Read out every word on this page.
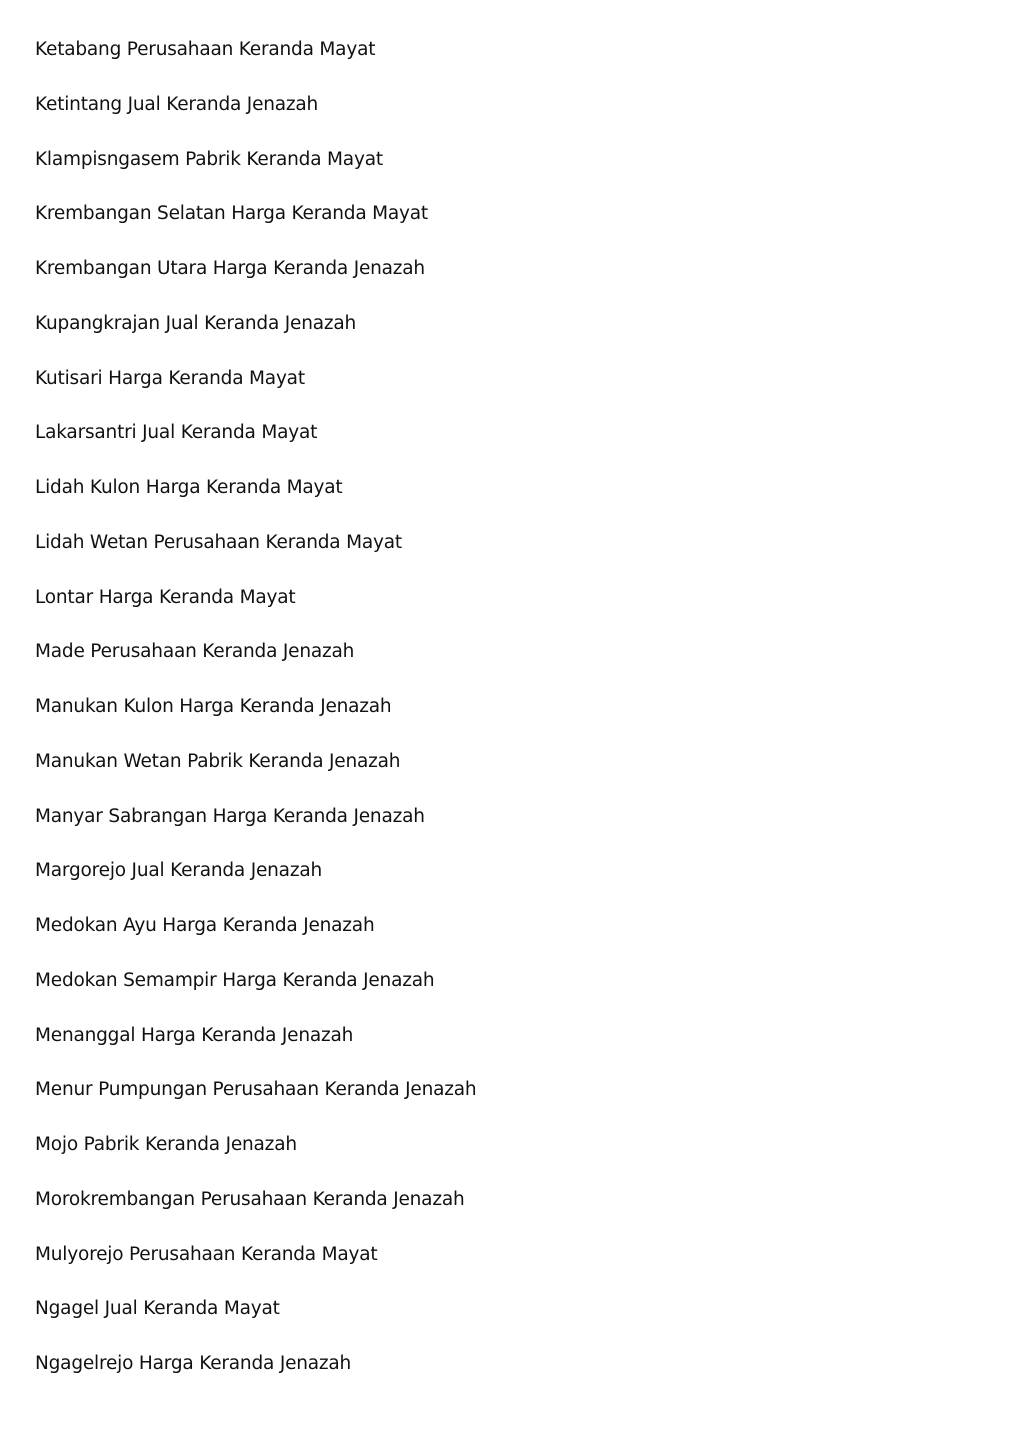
Ketabang Perusahaan Keranda Mayat
Ketintang Jual Keranda Jenazah
Klampisngasem Pabrik Keranda Mayat
Krembangan Selatan Harga Keranda Mayat
Krembangan Utara Harga Keranda Jenazah
Kupangkrajan Jual Keranda Jenazah
Kutisari Harga Keranda Mayat
Lakarsantri Jual Keranda Mayat
Lidah Kulon Harga Keranda Mayat
Lidah Wetan Perusahaan Keranda Mayat
Lontar Harga Keranda Mayat
Made Perusahaan Keranda Jenazah
Manukan Kulon Harga Keranda Jenazah
Manukan Wetan Pabrik Keranda Jenazah
Manyar Sabrangan Harga Keranda Jenazah
Margorejo Jual Keranda Jenazah
Medokan Ayu Harga Keranda Jenazah
Medokan Semampir Harga Keranda Jenazah
Menanggal Harga Keranda Jenazah
Menur Pumpungan Perusahaan Keranda Jenazah
Mojo Pabrik Keranda Jenazah
Morokrembangan Perusahaan Keranda Jenazah
Mulyorejo Perusahaan Keranda Mayat
Ngagel Jual Keranda Mayat
Ngagelrejo Harga Keranda Jenazah
